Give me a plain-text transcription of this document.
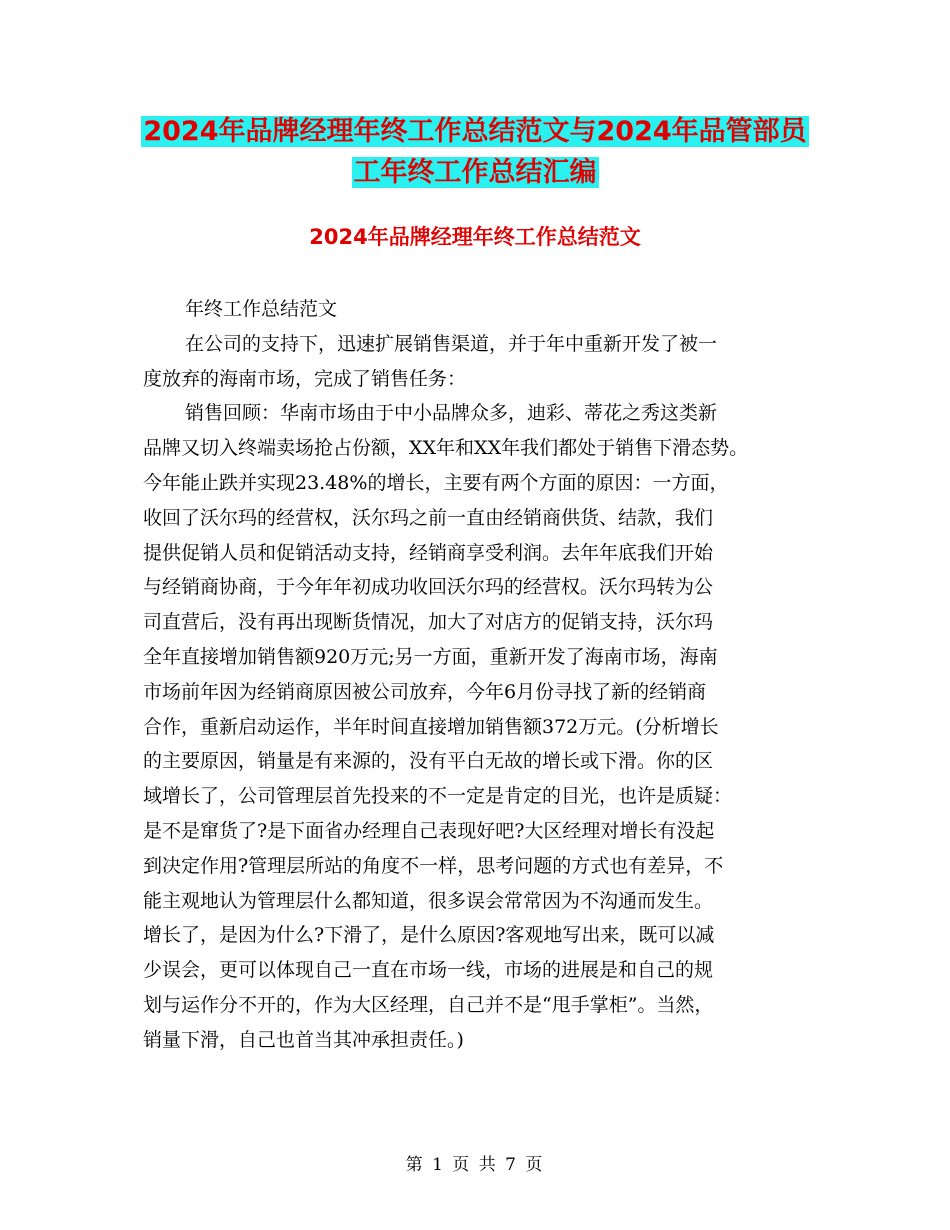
2024年品牌经理年终工作总结范文与2024年品管部员
工年终工作总结汇编
2024年品牌经理年终工作总结范文
年终工作总结范文
在公司的支持下，迅速扩展销售渠道，并于年中重新开发了被一
度放弃的海南市场，完成了销售任务：
销售回顾：华南市场由于中小品牌众多，迪彩、蒂花之秀这类新
品牌又切入终端卖场抢占份额，XX年和XX年我们都处于销售下滑态势。
今年能止跌并实现23.48%的增长，主要有两个方面的原因：一方面，
收回了沃尔玛的经营权，沃尔玛之前一直由经销商供货、结款，我们
提供促销人员和促销活动支持，经销商享受利润。去年年底我们开始
与经销商协商，于今年年初成功收回沃尔玛的经营权。沃尔玛转为公
司直营后，没有再出现断货情况，加大了对店方的促销支持，沃尔玛
全年直接增加销售额920万元;另一方面，重新开发了海南市场，海南
市场前年因为经销商原因被公司放弃，今年6月份寻找了新的经销商
合作，重新启动运作，半年时间直接增加销售额372万元。(分析增长
的主要原因，销量是有来源的，没有平白无故的增长或下滑。你的区
域增长了，公司管理层首先投来的不一定是肯定的目光，也许是质疑：
是不是窜货了?是下面省办经理自己表现好吧?大区经理对增长有没起
到决定作用?管理层所站的角度不一样，思考问题的方式也有差异，不
能主观地认为管理层什么都知道，很多误会常常因为不沟通而发生。
增长了，是因为什么?下滑了，是什么原因?客观地写出来，既可以减
少误会，更可以体现自己一直在市场一线，市场的进展是和自己的规
划与运作分不开的，作为大区经理，自己并不是“甩手掌柜”。当然，
销量下滑，自己也首当其冲承担责任。)
第 1 页 共 7 页
